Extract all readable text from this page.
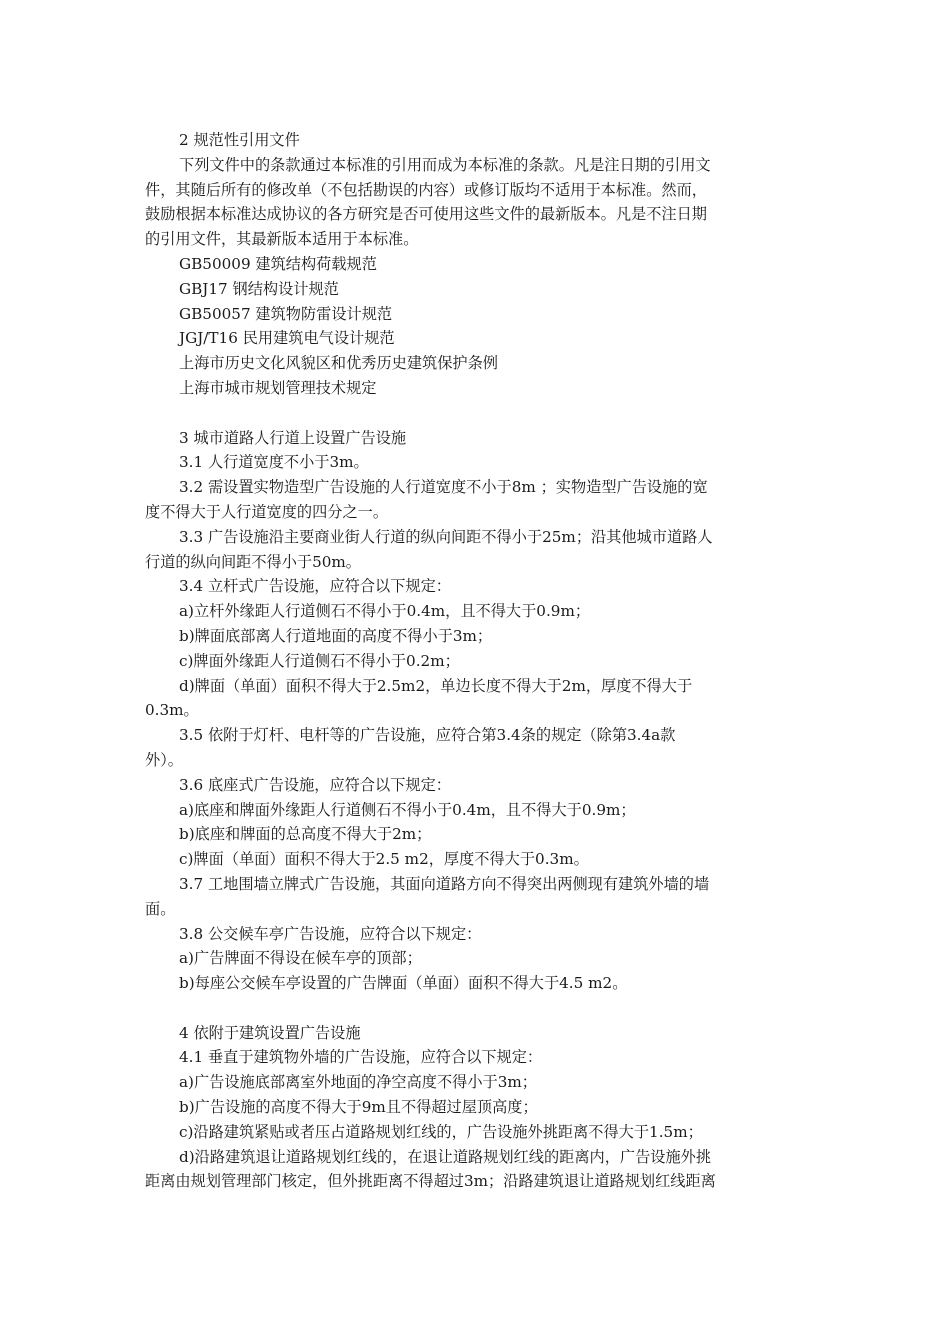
2 规范性引用文件
下列文件中的条款通过本标准的引用而成为本标准的条款。凡是注日期的引用文
件，其随后所有的修改单（不包括勘误的内容）或修订版均不适用于本标准。然而，
鼓励根据本标准达成协议的各方研究是否可使用这些文件的最新版本。凡是不注日期
的引用文件，其最新版本适用于本标准。
GB50009 建筑结构荷载规范
GBJ17 钢结构设计规范
GB50057 建筑物防雷设计规范
JGJ/T16 民用建筑电气设计规范
上海市历史文化风貌区和优秀历史建筑保护条例
上海市城市规划管理技术规定
3 城市道路人行道上设置广告设施
3.1 人行道宽度不小于3m。
3.2 需设置实物造型广告设施的人行道宽度不小于8m ；实物造型广告设施的宽
度不得大于人行道宽度的四分之一。
3.3 广告设施沿主要商业街人行道的纵向间距不得小于25m；沿其他城市道路人
行道的纵向间距不得小于50m。
3.4 立杆式广告设施，应符合以下规定：
a)立杆外缘距人行道侧石不得小于0.4m，且不得大于0.9m；
b)牌面底部离人行道地面的高度不得小于3m；
c)牌面外缘距人行道侧石不得小于0.2m；
d)牌面（单面）面积不得大于2.5m2，单边长度不得大于2m，厚度不得大于
0.3m。
3.5 依附于灯杆、电杆等的广告设施，应符合第3.4条的规定（除第3.4a款
外）。
3.6 底座式广告设施，应符合以下规定：
a)底座和牌面外缘距人行道侧石不得小于0.4m，且不得大于0.9m；
b)底座和牌面的总高度不得大于2m；
c)牌面（单面）面积不得大于2.5 m2，厚度不得大于0.3m。
3.7 工地围墙立牌式广告设施，其面向道路方向不得突出两侧现有建筑外墙的墙
面。
3.8 公交候车亭广告设施，应符合以下规定：
a)广告牌面不得设在候车亭的顶部；
b)每座公交候车亭设置的广告牌面（单面）面积不得大于4.5 m2。
4 依附于建筑设置广告设施
4.1 垂直于建筑物外墙的广告设施，应符合以下规定：
a)广告设施底部离室外地面的净空高度不得小于3m；
b)广告设施的高度不得大于9m且不得超过屋顶高度；
c)沿路建筑紧贴或者压占道路规划红线的，广告设施外挑距离不得大于1.5m；
d)沿路建筑退让道路规划红线的，在退让道路规划红线的距离内，广告设施外挑
距离由规划管理部门核定，但外挑距离不得超过3m；沿路建筑退让道路规划红线距离
